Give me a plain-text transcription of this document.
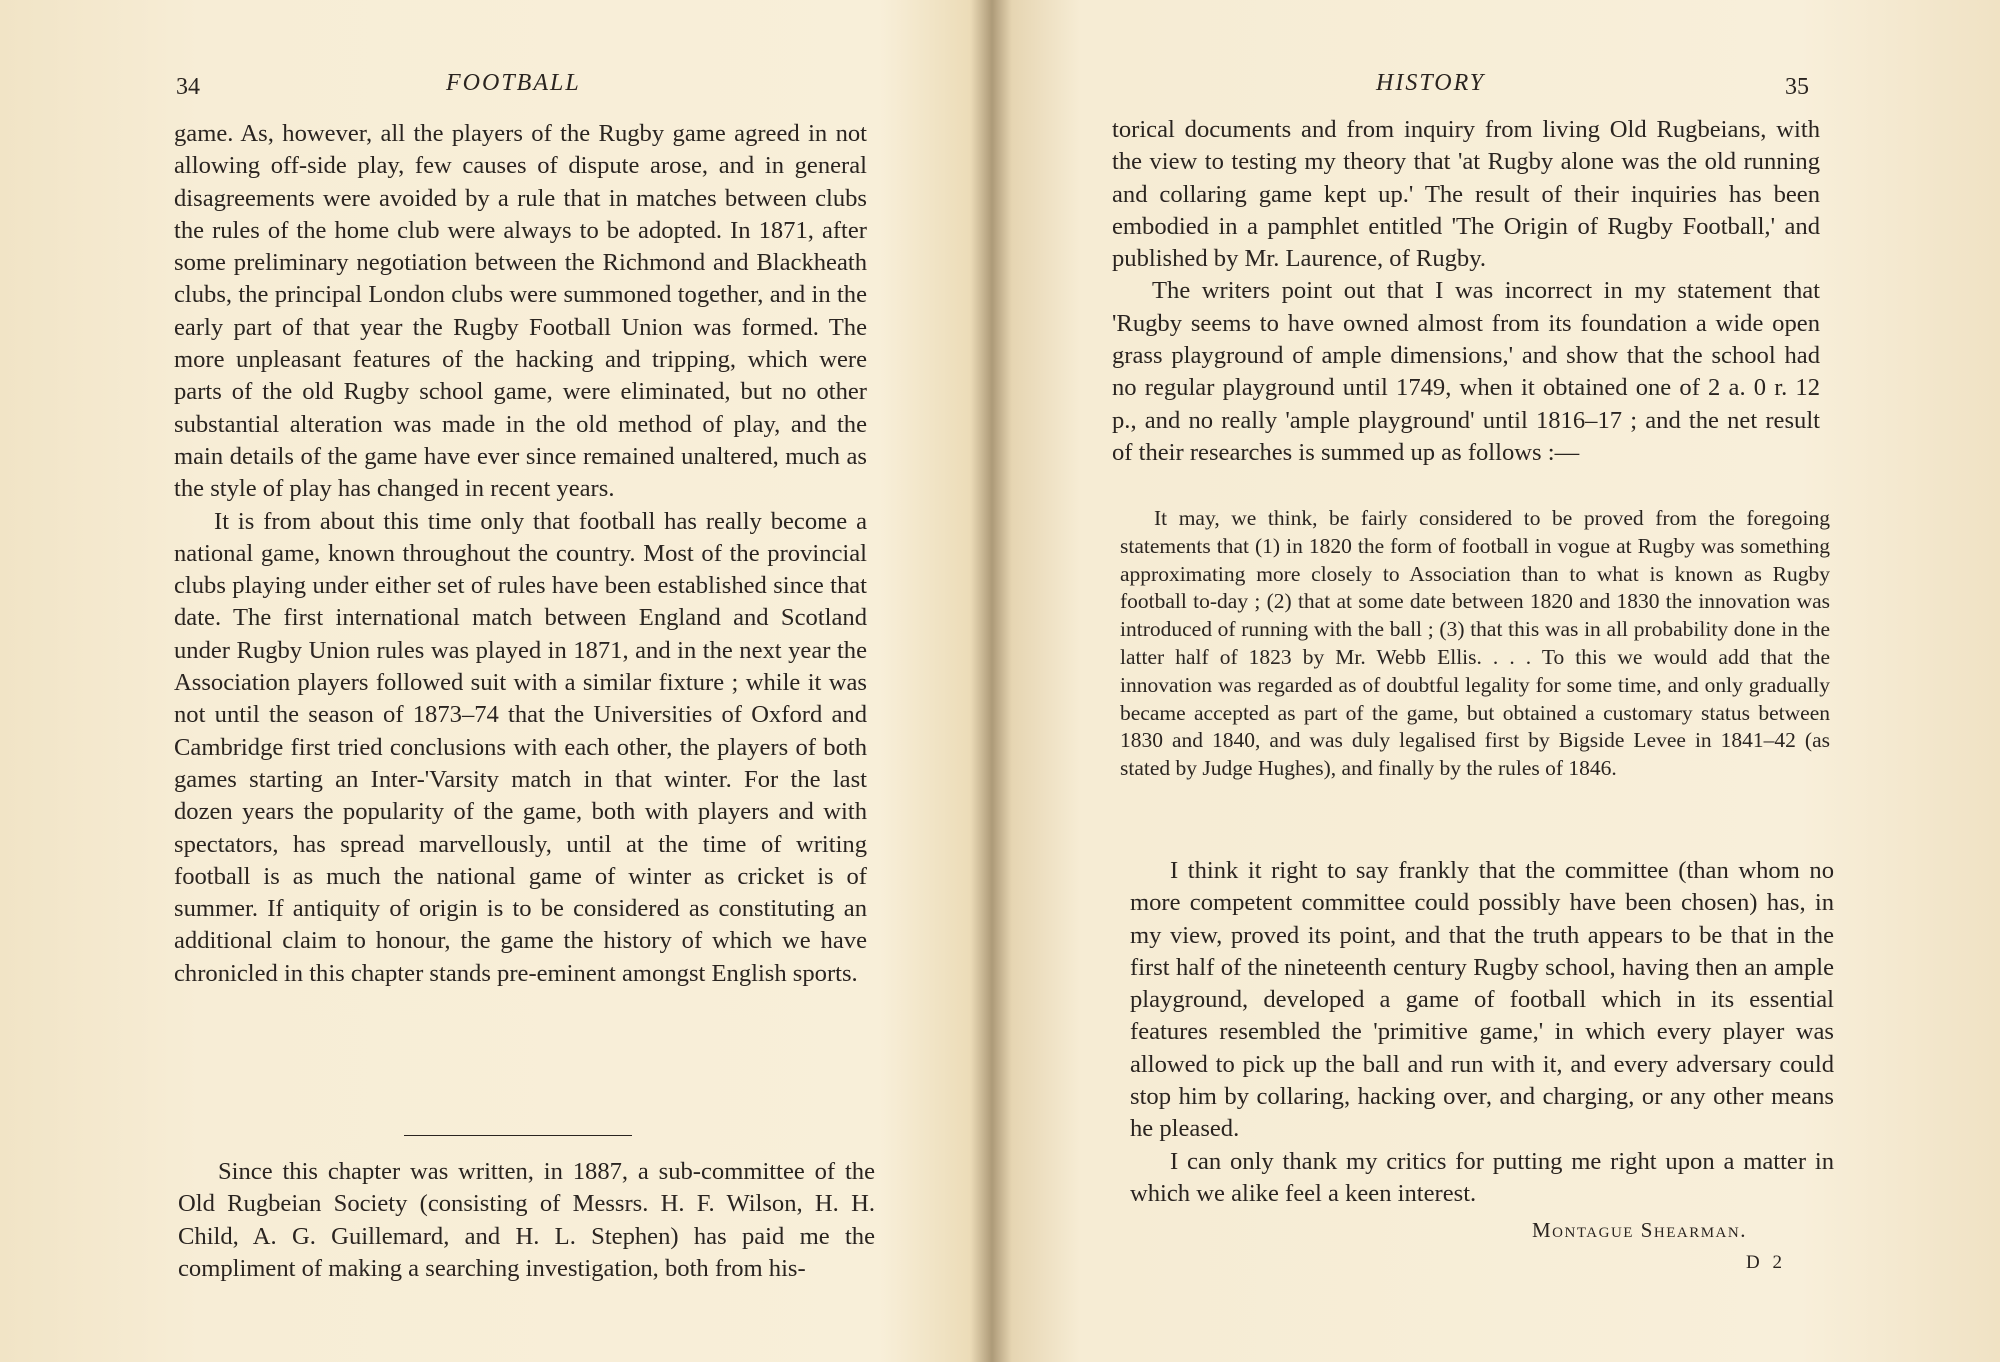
34	FOOTBALL

game. As, however, all the players of the Rugby game agreed in not allowing off-side play, few causes of dispute arose, and in general disagreements were avoided by a rule that in matches between clubs the rules of the home club were always to be adopted. In 1871, after some preliminary negotiation between the Richmond and Blackheath clubs, the principal London clubs were summoned together, and in the early part of that year the Rugby Football Union was formed. The more unpleasant features of the hacking and tripping, which were parts of the old Rugby school game, were eliminated, but no other substantial alteration was made in the old method of play, and the main details of the game have ever since remained unaltered, much as the style of play has changed in recent years.

It is from about this time only that football has really become a national game, known throughout the country. Most of the provincial clubs playing under either set of rules have been established since that date. The first international match between England and Scotland under Rugby Union rules was played in 1871, and in the next year the Association players followed suit with a similar fixture ; while it was not until the season of 1873–74 that the Universities of Oxford and Cambridge first tried conclusions with each other, the players of both games starting an Inter-'Varsity match in that winter. For the last dozen years the popularity of the game, both with players and with spectators, has spread marvellously, until at the time of writing football is as much the national game of winter as cricket is of summer. If antiquity of origin is to be considered as constituting an additional claim to honour, the game the history of which we have chronicled in this chapter stands pre-eminent amongst English sports.

Since this chapter was written, in 1887, a sub-committee of the Old Rugbeian Society (consisting of Messrs. H. F. Wilson, H. H. Child, A. G. Guillemard, and H. L. Stephen) has paid me the compliment of making a searching investigation, both from his-

HISTORY	35

torical documents and from inquiry from living Old Rugbeians, with the view to testing my theory that 'at Rugby alone was the old running and collaring game kept up.' The result of their inquiries has been embodied in a pamphlet entitled 'The Origin of Rugby Football,' and published by Mr. Laurence, of Rugby.

The writers point out that I was incorrect in my statement that 'Rugby seems to have owned almost from its foundation a wide open grass playground of ample dimensions,' and show that the school had no regular playground until 1749, when it obtained one of 2 a. 0 r. 12 p., and no really 'ample playground' until 1816–17 ; and the net result of their researches is summed up as follows :—

It may, we think, be fairly considered to be proved from the foregoing statements that (1) in 1820 the form of football in vogue at Rugby was something approximating more closely to Association than to what is known as Rugby football to-day ; (2) that at some date between 1820 and 1830 the innovation was introduced of running with the ball ; (3) that this was in all probability done in the latter half of 1823 by Mr. Webb Ellis. . . . To this we would add that the innovation was regarded as of doubtful legality for some time, and only gradually became accepted as part of the game, but obtained a customary status between 1830 and 1840, and was duly legalised first by Bigside Levee in 1841–42 (as stated by Judge Hughes), and finally by the rules of 1846.

I think it right to say frankly that the committee (than whom no more competent committee could possibly have been chosen) has, in my view, proved its point, and that the truth appears to be that in the first half of the nineteenth century Rugby school, having then an ample playground, developed a game of football which in its essential features resembled the 'primitive game,' in which every player was allowed to pick up the ball and run with it, and every adversary could stop him by collaring, hacking over, and charging, or any other means he pleased.

I can only thank my critics for putting me right upon a matter in which we alike feel a keen interest.

Montague Shearman.
D 2
